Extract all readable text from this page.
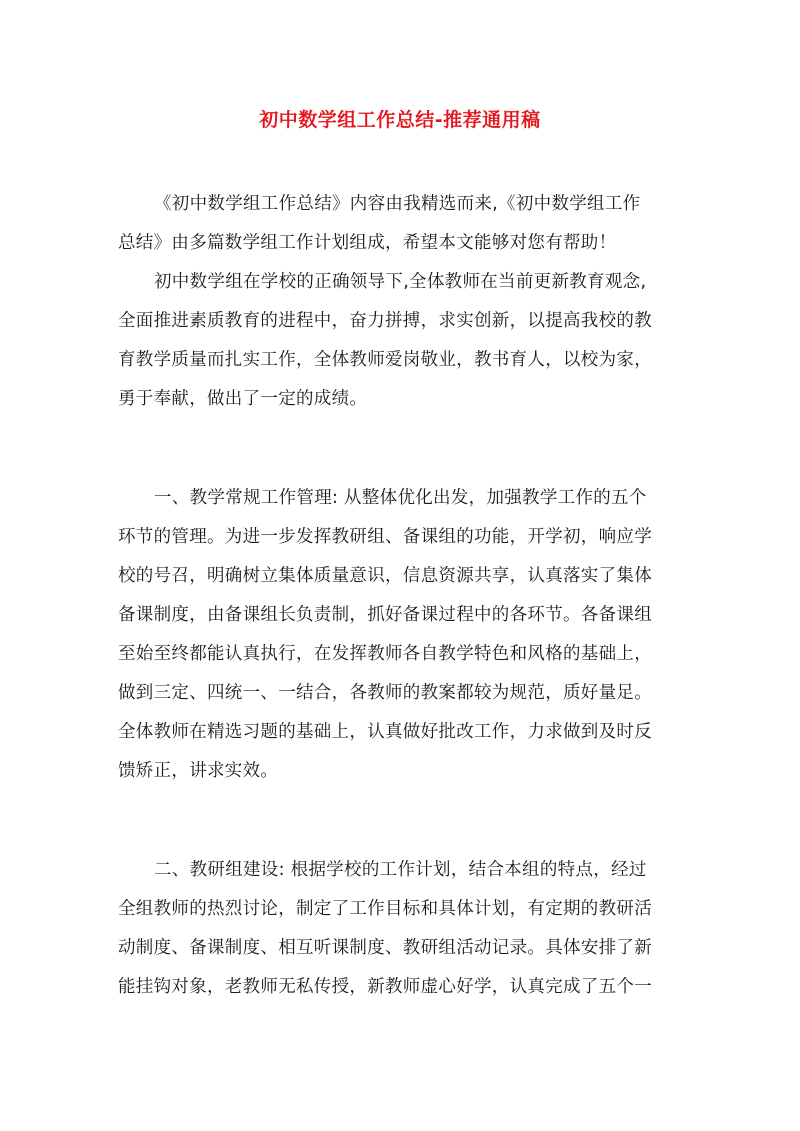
初中数学组工作总结-推荐通用稿
《初中数学组工作总结》内容由我精选而来,《初中数学组工作
总结》由多篇数学组工作计划组成，希望本文能够对您有帮助！
初中数学组在学校的正确领导下,全体教师在当前更新教育观念,
全面推进素质教育的进程中，奋力拼搏，求实创新，以提高我校的教
育教学质量而扎实工作，全体教师爱岗敬业，教书育人，以校为家，
勇于奉献，做出了一定的成绩。
一、教学常规工作管理: 从整体优化出发，加强教学工作的五个
环节的管理。为进一步发挥教研组、备课组的功能，开学初，响应学
校的号召，明确树立集体质量意识，信息资源共享，认真落实了集体
备课制度，由备课组长负责制，抓好备课过程中的各环节。各备课组
至始至终都能认真执行，在发挥教师各自教学特色和风格的基础上，
做到三定、四统一、一结合，各教师的教案都较为规范，质好量足。
全体教师在精选习题的基础上，认真做好批改工作，力求做到及时反
馈矫正，讲求实效。
二、教研组建设: 根据学校的工作计划，结合本组的特点，经过
全组教师的热烈讨论，制定了工作目标和具体计划，有定期的教研活
动制度、备课制度、相互听课制度、教研组活动记录。具体安排了新
能挂钩对象，老教师无私传授，新教师虚心好学，认真完成了五个一
